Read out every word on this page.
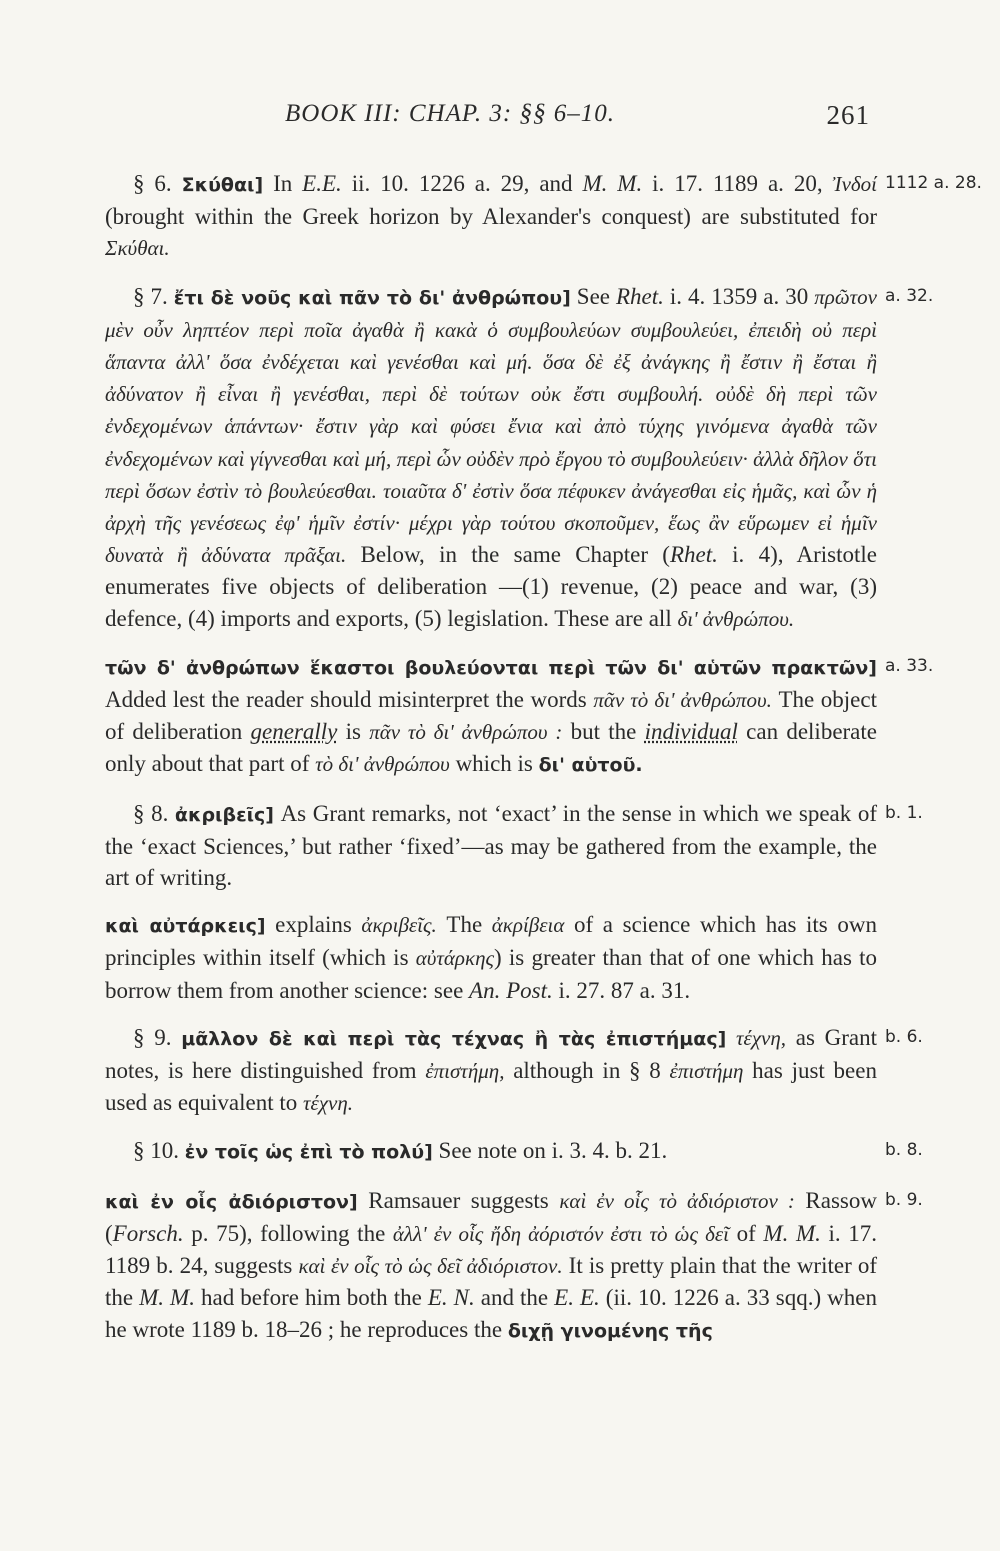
BOOK III: CHAP. 3: §§ 6–10.	261

1112 a. 28.
§ 6. Σκύθαι] In E.E. ii. 10. 1226 a. 29, and M. M. i. 17. 1189 a. 20, Ἰνδοί (brought within the Greek horizon by Alexander's conquest) are substituted for Σκύθαι.

a. 32.
§ 7. ἔτι δὲ νοῦς καὶ πᾶν τὸ δι' ἀνθρώπου] See Rhet. i. 4. 1359 a. 30 πρῶτον μὲν οὖν ληπτέον περὶ ποῖα ἀγαθὰ ἢ κακὰ ὁ συμβουλεύων συμβουλεύει, ἐπειδὴ οὐ περὶ ἅπαντα ἀλλ' ὅσα ἐνδέχεται καὶ γενέσθαι καὶ μή. ὅσα δὲ ἐξ ἀνάγκης ἢ ἔστιν ἢ ἔσται ἢ ἀδύνατον ἢ εἶναι ἢ γενέσθαι, περὶ δὲ τούτων οὐκ ἔστι συμβουλή. οὐδὲ δὴ περὶ τῶν ἐνδεχομένων ἁπάντων· ἔστιν γὰρ καὶ φύσει ἔνια καὶ ἀπὸ τύχης γινόμενα ἀγαθὰ τῶν ἐνδεχομένων καὶ γίγνεσθαι καὶ μή, περὶ ὧν οὐδὲν πρὸ ἔργου τὸ συμβουλεύειν· ἀλλὰ δῆλον ὅτι περὶ ὅσων ἐστὶν τὸ βουλεύεσθαι. τοιαῦτα δ' ἐστὶν ὅσα πέφυκεν ἀνάγεσθαι εἰς ἡμᾶς, καὶ ὧν ἡ ἀρχὴ τῆς γενέσεως ἐφ' ἡμῖν ἐστίν· μέχρι γὰρ τούτου σκοποῦμεν, ἕως ἂν εὕρωμεν εἰ ἡμῖν δυνατὰ ἢ ἀδύνατα πρᾶξαι. Below, in the same Chapter (Rhet. i. 4), Aristotle enumerates five objects of deliberation —(1) revenue, (2) peace and war, (3) defence, (4) imports and exports, (5) legislation. These are all δι' ἀνθρώπου.

a. 33.
τῶν δ' ἀνθρώπων ἕκαστοι βουλεύονται περὶ τῶν δι' αὑτῶν πρακτῶν] Added lest the reader should misinterpret the words πᾶν τὸ δι' ἀνθρώπου. The object of deliberation generally is πᾶν τὸ δι' ἀνθρώπου : but the individual can deliberate only about that part of τὸ δι' ἀνθρώπου which is δι' αὑτοῦ.

b. 1.
§ 8. ἀκριβεῖς] As Grant remarks, not ‘exact’ in the sense in which we speak of the ‘exact Sciences,’ but rather ‘fixed’—as may be gathered from the example, the art of writing.

καὶ αὐτάρκεις] explains ἀκριβεῖς. The ἀκρίβεια of a science which has its own principles within itself (which is αὐτάρκης) is greater than that of one which has to borrow them from another science: see An. Post. i. 27. 87 a. 31.

b. 6.
§ 9. μᾶλλον δὲ καὶ περὶ τὰς τέχνας ἢ τὰς ἐπιστήμας] τέχνη, as Grant notes, is here distinguished from ἐπιστήμη, although in § 8 ἐπιστήμη has just been used as equivalent to τέχνη.

b. 8.
§ 10. ἐν τοῖς ὡς ἐπὶ τὸ πολύ] See note on i. 3. 4. b. 21.

b. 9.
καὶ ἐν οἷς ἀδιόριστον] Ramsauer suggests καὶ ἐν οἷς τὸ ἀδιόριστον : Rassow (Forsch. p. 75), following the ἀλλ' ἐν οἷς ἤδη ἀόριστόν ἐστι τὸ ὡς δεῖ of M. M. i. 17. 1189 b. 24, suggests καὶ ἐν οἷς τὸ ὡς δεῖ ἀδιόριστον. It is pretty plain that the writer of the M. M. had before him both the E. N. and the E. E. (ii. 10. 1226 a. 33 sqq.) when he wrote 1189 b. 18–26 ; he reproduces the διχῇ γινομένης τῆς
